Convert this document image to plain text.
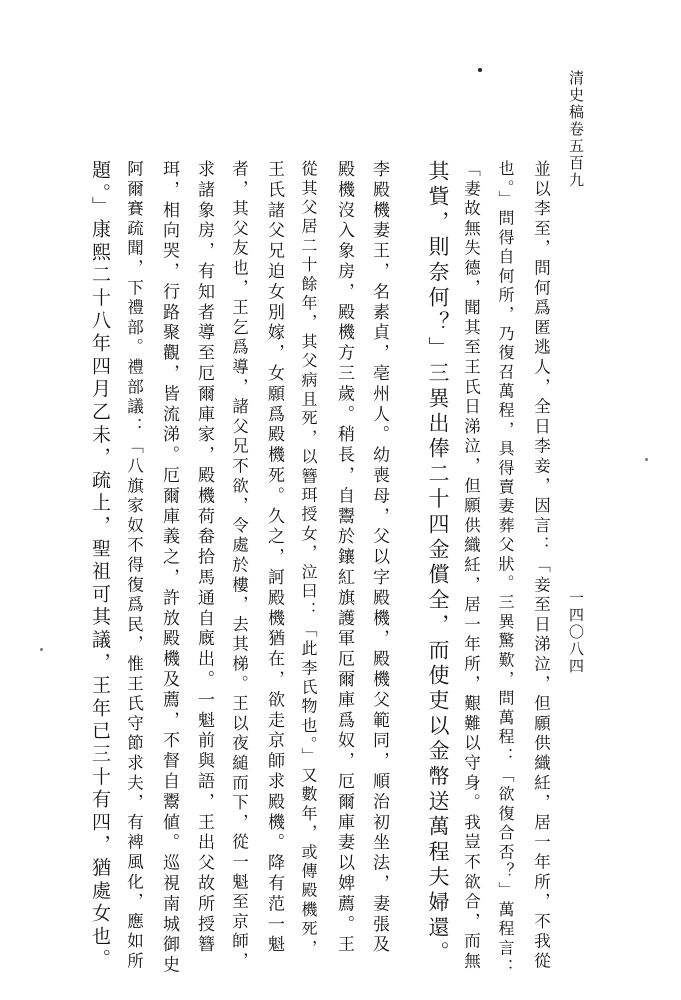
清史稿卷五百九
一四〇八四
並以李至，問何爲匿逃人，全日李妾，因言：「妾至日涕泣，但願供織紝，居一年所，不我從
也。」問得自何所，乃復召萬程，具得賣妻葬父狀。三異驚歎，問萬程：「欲復合否？」萬程言：
「妻故無失德，聞其至王氏日涕泣，但願供織紝，居一年所，艱難以守身。我豈不欲合，而無
其貲，則奈何？」三異出俸二十四金償全，而使吏以金幣送萬程夫婦還。
李殿機妻王，名素貞，亳州人。幼喪母，父以字殿機，殿機父範同，順治初坐法，妻張及
殿機沒入象房，殿機方三歲。稍長，自鬻於鑲紅旗護軍厄爾庫爲奴，厄爾庫妻以婢薦。王
從其父居二十餘年，其父病且死，以簪珥授女，泣曰：「此李氏物也。」又數年，或傳殿機死，
王氏諸父兄迫女別嫁，女願爲殿機死。久之，訶殿機猶在，欲走京師求殿機。降有范一魁
者，其父友也，王乞爲導，諸父兄不欲，令處於樓，去其梯。王以夜縋而下，從一魁至京師，
求諸象房，有知者導至厄爾庫家，殿機荷畚拾馬通自廐出。一魁前與語，王出父故所授簪
珥，相向哭，行路聚觀，皆流涕。厄爾庫義之，許放殿機及薦，不督自鬻値。巡視南城御史
阿爾賽疏聞，下禮部。禮部議：「八旗家奴不得復爲民，惟王氏守節求夫，有裨風化，應如所
題。」康熙二十八年四月乙未，疏上，聖祖可其議，王年已三十有四，猶處女也。
